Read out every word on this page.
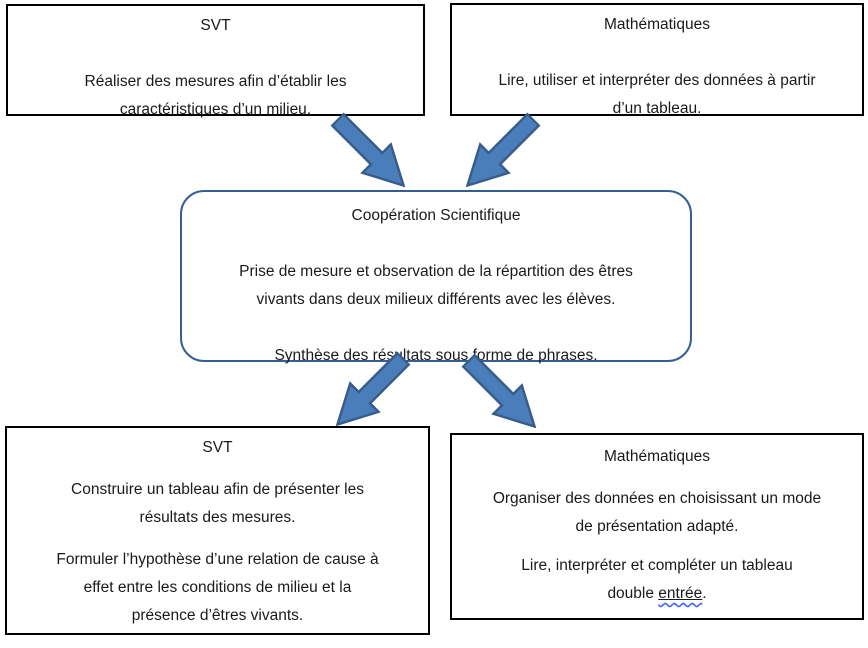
SVT
Réaliser des mesures afin d’établir les
caractéristiques d’un milieu.
Mathématiques
Lire, utiliser et interpréter des données à partir
d’un tableau.
Coopération Scientifique
Prise de mesure et observation de la répartition des êtres
vivants dans deux milieux différents avec les élèves.
Synthèse des résultats sous forme de phrases.
SVT
Construire un tableau afin de présenter les
résultats des mesures.
Formuler l’hypothèse d’une relation de cause à
effet entre les conditions de milieu et la
présence d’êtres vivants.
Mathématiques
Organiser des données en choisissant un mode
de présentation adapté.
Lire, interpréter et compléter un tableau
double entrée.
